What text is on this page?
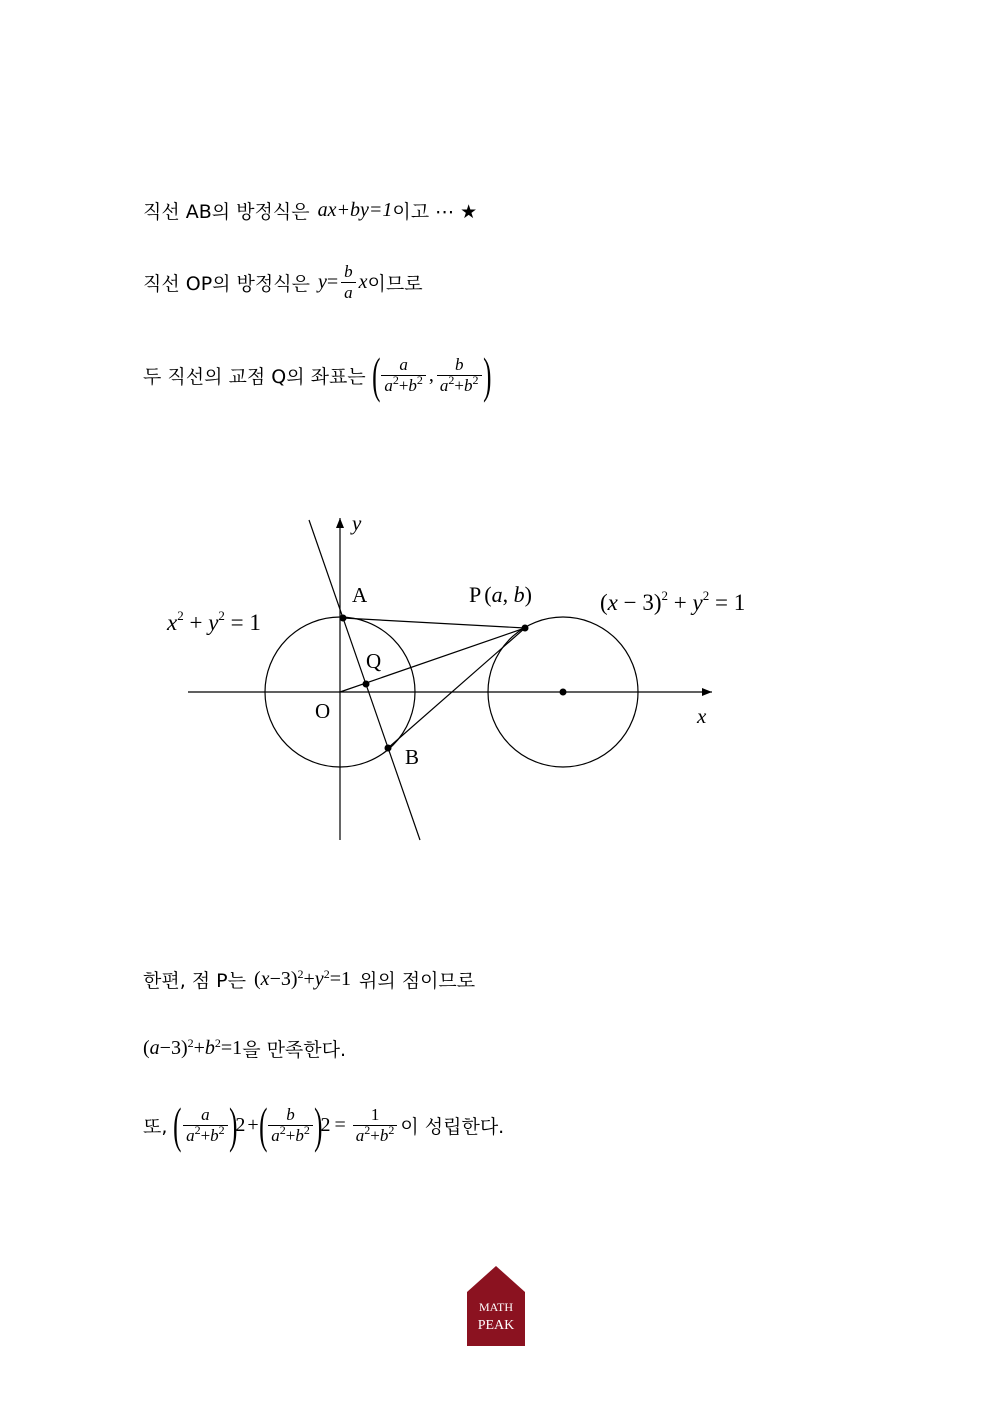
직선 AB의 방정식은 ax+by=1 이고 ⋯ ★
직선 OP의 방정식은 $y = \frac{b}{a}$ x 이므로
두 직선의 교점 Q의 좌표는 ( $\frac{a}{a^2+b^2}$ , $\frac{b}{a^2+b^2}$ )
y
x
O
A
B
Q
P (a, b)
$x^2 + y^2 = 1$
$(x - 3)^2 + y^2 = 1$
한편, 점 P는 $(x-3)^2+y^2=1$ 위의 점이므로
$(a-3)^2+b^2=1$ 을 만족한다.
또, ( $\frac{a}{a^2+b^2}$ )
2 + ( $\frac{b}{a^2+b^2}$ )
$2 = \frac{1}{a^2+b^2}$ 이 성립한다.
MATH
PEAK
